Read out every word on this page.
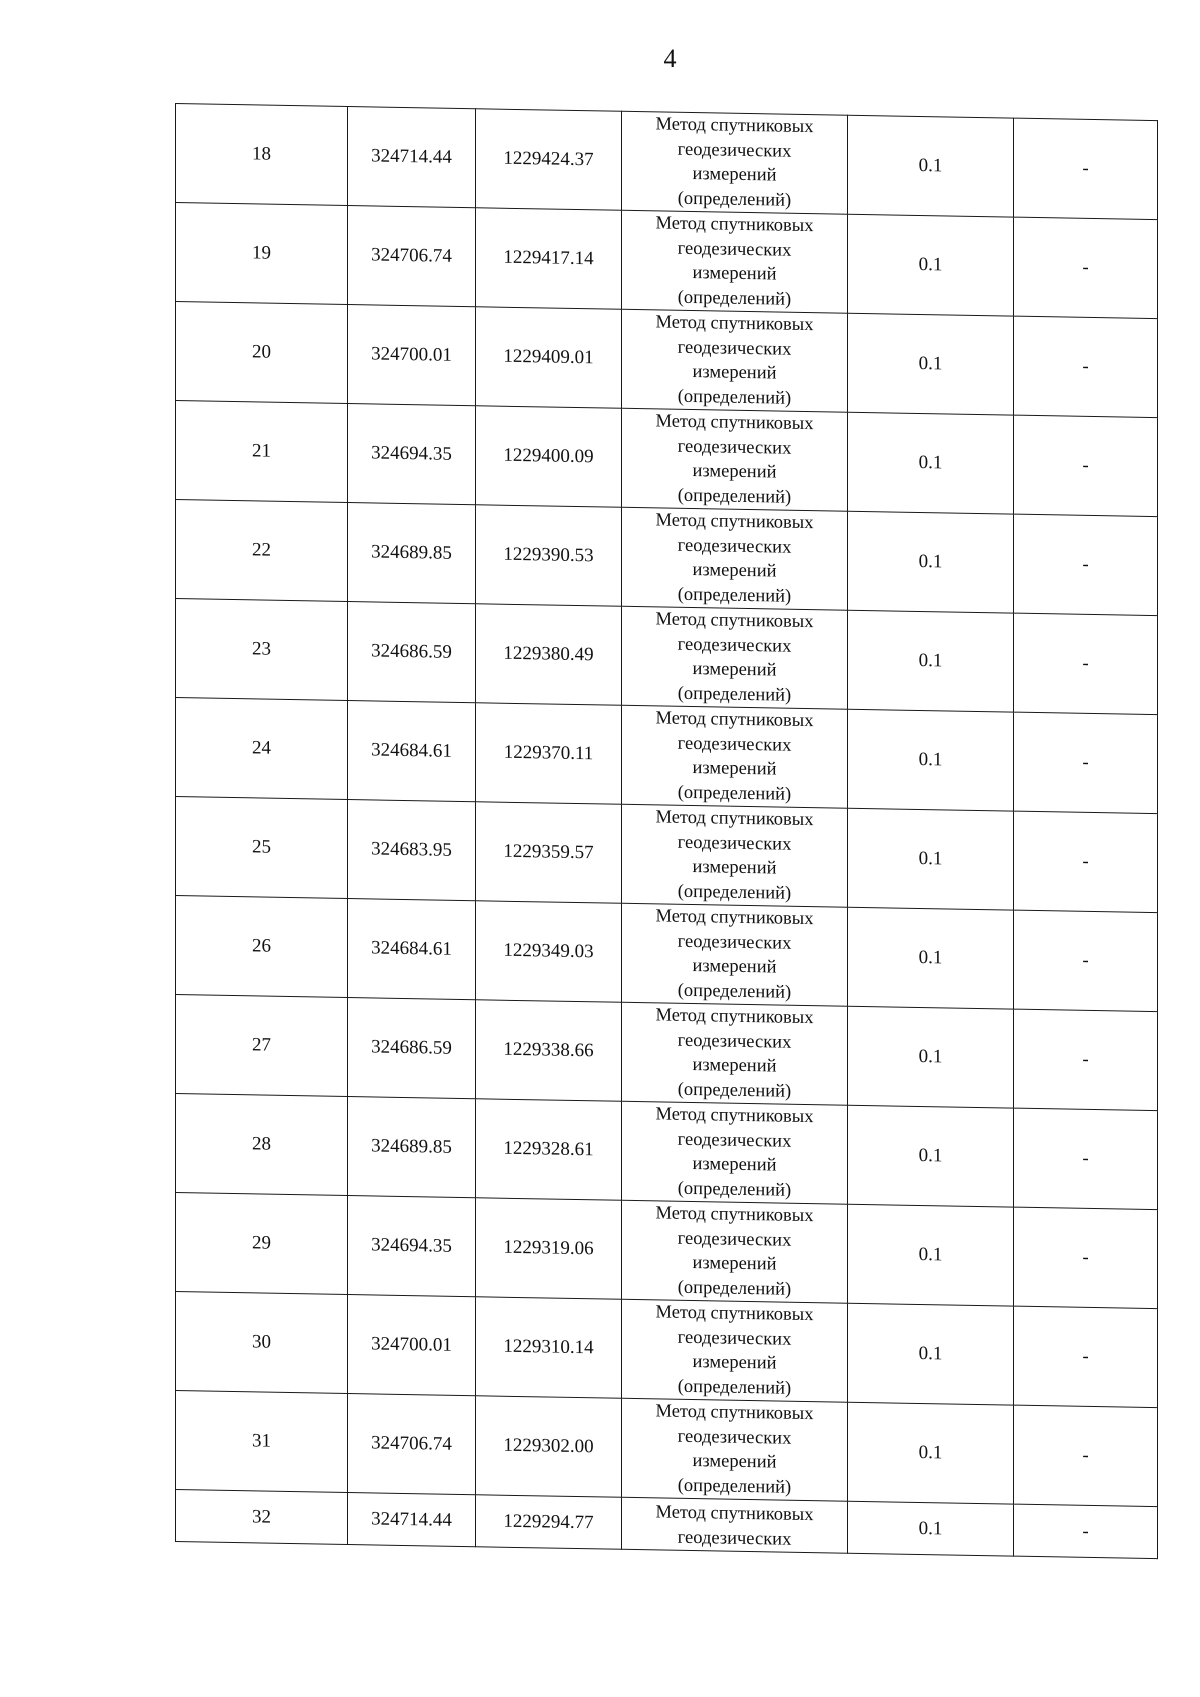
4
18	324714.44	1229424.37	Метод спутниковых
геодезических
измерений
(определений)	0.1	-
19	324706.74	1229417.14	Метод спутниковых
геодезических
измерений
(определений)	0.1	-
20	324700.01	1229409.01	Метод спутниковых
геодезических
измерений
(определений)	0.1	-
21	324694.35	1229400.09	Метод спутниковых
геодезических
измерений
(определений)	0.1	-
22	324689.85	1229390.53	Метод спутниковых
геодезических
измерений
(определений)	0.1	-
23	324686.59	1229380.49	Метод спутниковых
геодезических
измерений
(определений)	0.1	-
24	324684.61	1229370.11	Метод спутниковых
геодезических
измерений
(определений)	0.1	-
25	324683.95	1229359.57	Метод спутниковых
геодезических
измерений
(определений)	0.1	-
26	324684.61	1229349.03	Метод спутниковых
геодезических
измерений
(определений)	0.1	-
27	324686.59	1229338.66	Метод спутниковых
геодезических
измерений
(определений)	0.1	-
28	324689.85	1229328.61	Метод спутниковых
геодезических
измерений
(определений)	0.1	-
29	324694.35	1229319.06	Метод спутниковых
геодезических
измерений
(определений)	0.1	-
30	324700.01	1229310.14	Метод спутниковых
геодезических
измерений
(определений)	0.1	-
31	324706.74	1229302.00	Метод спутниковых
геодезических
измерений
(определений)	0.1	-
32	324714.44	1229294.77	Метод спутниковых
геодезических	0.1	-
